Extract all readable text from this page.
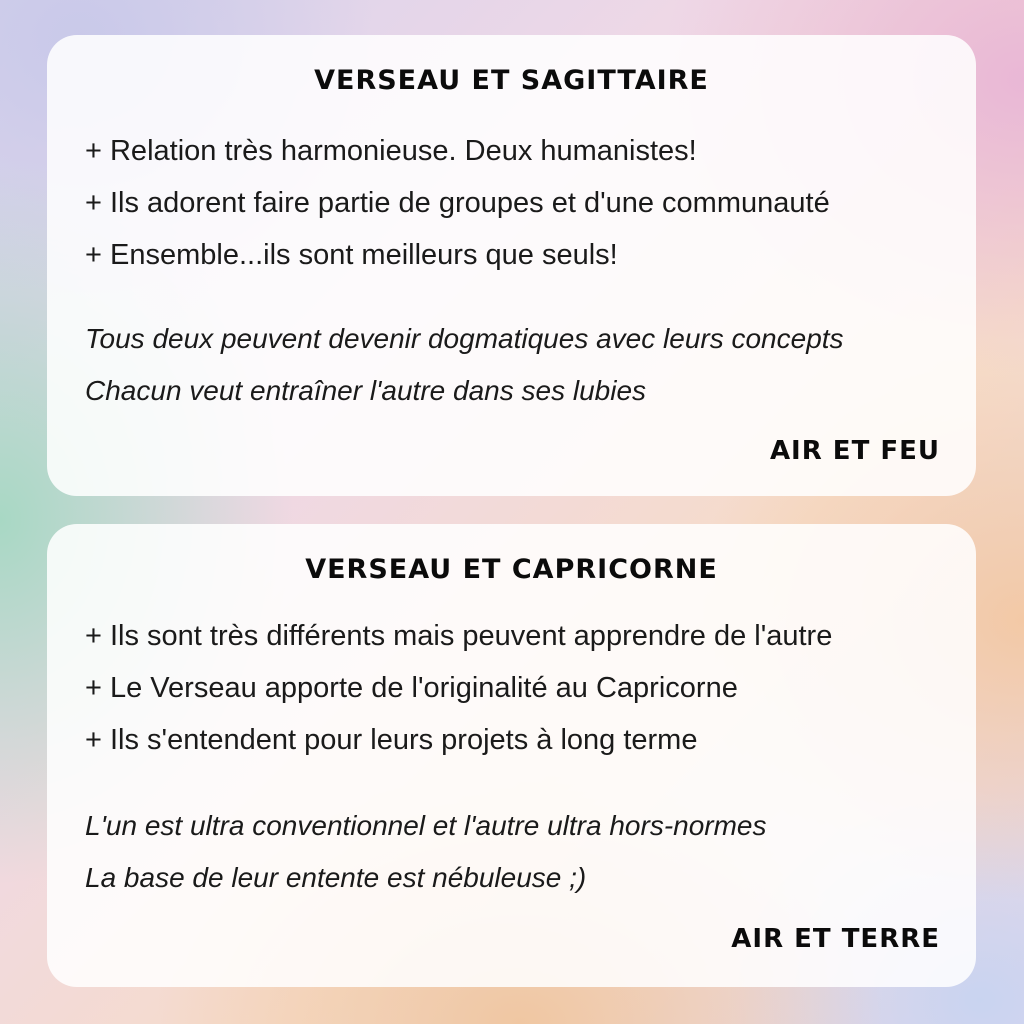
VERSEAU ET SAGITTAIRE
+ Relation très harmonieuse. Deux humanistes!
+ Ils adorent faire partie de groupes et d'une communauté
+ Ensemble...ils sont meilleurs que seuls!
Tous deux peuvent devenir dogmatiques avec leurs concepts
Chacun veut entraîner l'autre dans ses lubies

AIR ET FEU

VERSEAU ET CAPRICORNE
+ Ils sont très différents mais peuvent apprendre de l'autre
+ Le Verseau apporte de l'originalité au Capricorne
+ Ils s'entendent pour leurs projets à long terme
L'un est ultra conventionnel et l'autre ultra hors-normes
La base de leur entente est nébuleuse ;)

AIR ET TERRE
